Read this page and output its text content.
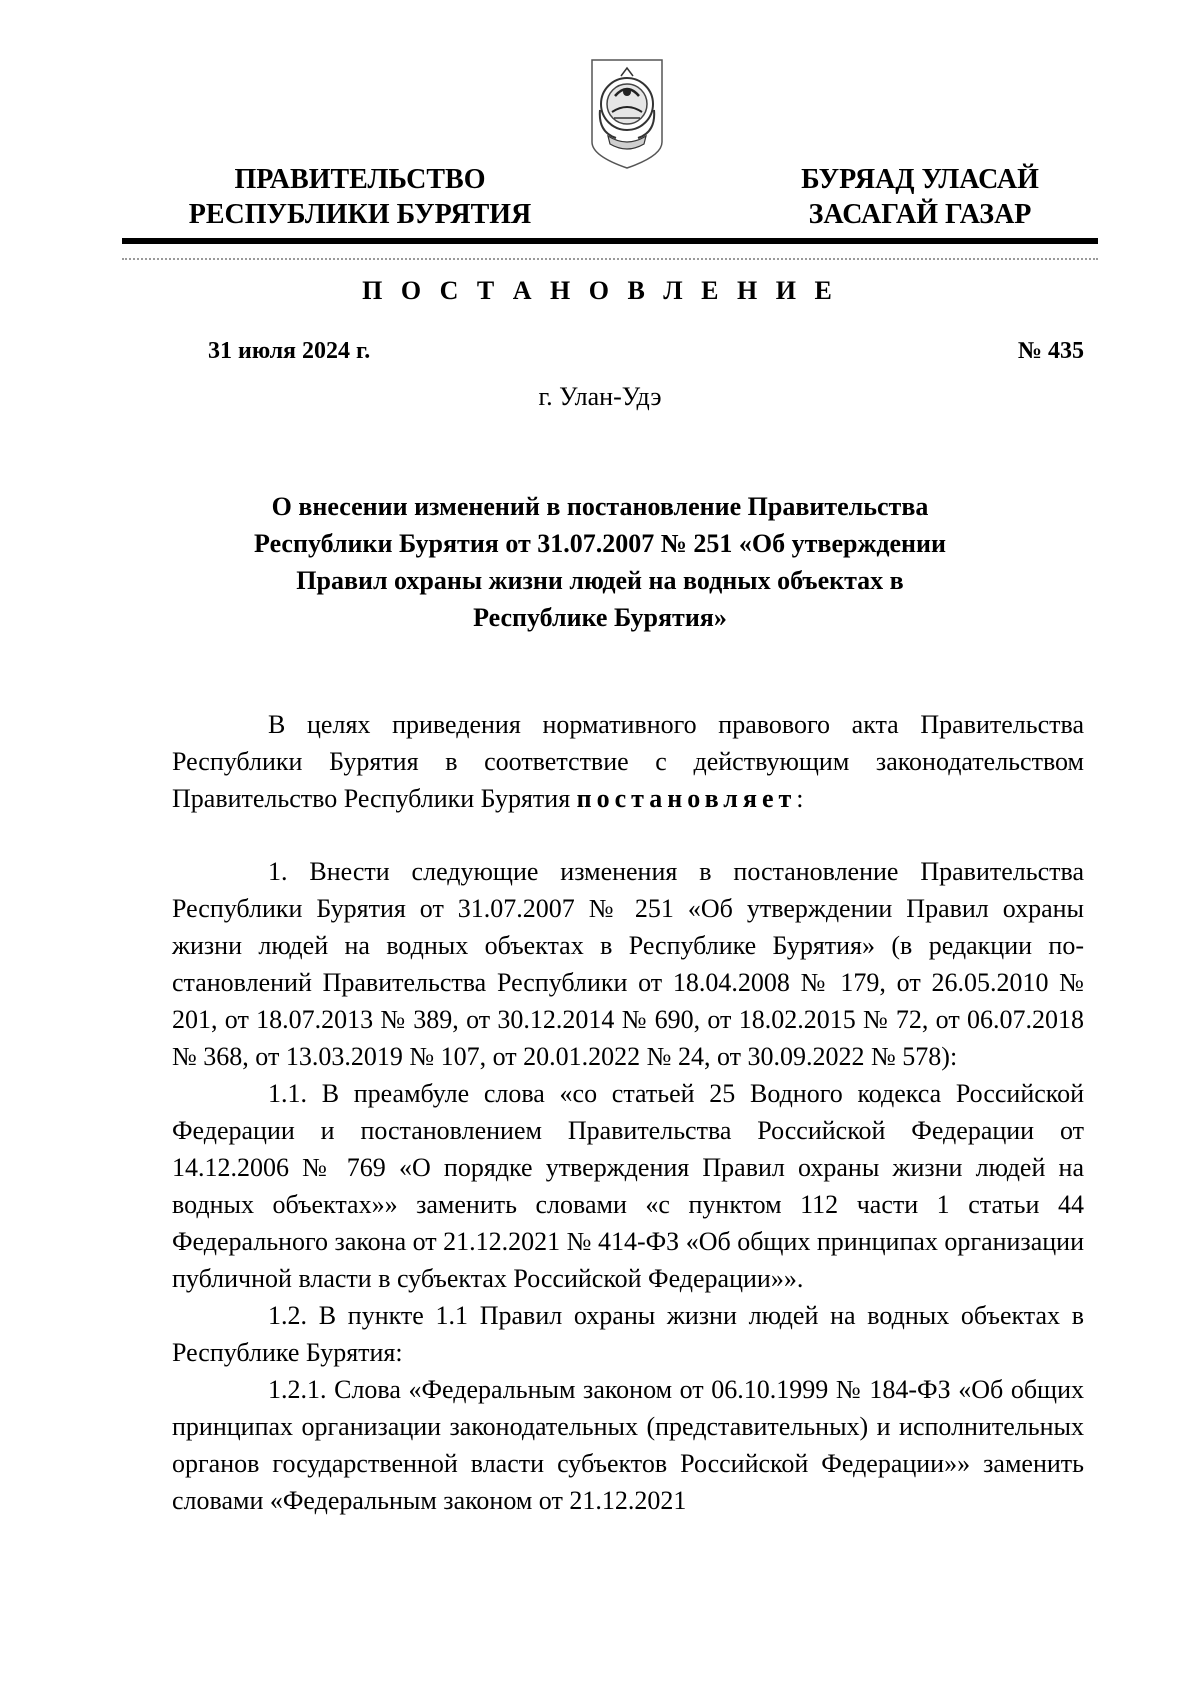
ПРАВИТЕЛЬСТВО
РЕСПУБЛИКИ БУРЯТИЯ
БУРЯАД УЛАСАЙ
ЗАСАГАЙ ГАЗАР
П О С Т А Н О В Л Е Н И Е
31 июля 2024 г.	№ 435
г. Улан-Удэ
О внесении изменений в постановление Правительства
Республики Бурятия от 31.07.2007 № 251 «Об утверждении
Правил охраны жизни людей на водных объектах в
Республике Бурятия»

В целях приведения нормативного правового акта Правительства Республики Бурятия в соответствие с действующим законодательством Правительство Республики Бурятия постановляет:

1. Внести следующие изменения в постановление Правительства Республики Бурятия от 31.07.2007 № 251 «Об утверждении Правил охраны жизни людей на водных объектах в Республике Бурятия» (в редакции постановлений Правительства Республики от 18.04.2008 № 179, от 26.05.2010 № 201, от 18.07.2013 № 389, от 30.12.2014 № 690, от 18.02.2015 № 72, от 06.07.2018 № 368, от 13.03.2019 № 107, от 20.01.2022 № 24, от 30.09.2022 № 578):

1.1. В преамбуле слова «со статьей 25 Водного кодекса Российской Федерации и постановлением Правительства Российской Федерации от 14.12.2006 № 769 «О порядке утверждения Правил охраны жизни людей на водных объектах»» заменить словами «с пунктом 112 части 1 статьи 44 Федерального закона от 21.12.2021 № 414-ФЗ «Об общих принципах организации публичной власти в субъектах Российской Федерации»».

1.2. В пункте 1.1 Правил охраны жизни людей на водных объектах в Республике Бурятия:

1.2.1. Слова «Федеральным законом от 06.10.1999 № 184-ФЗ «Об общих принципах организации законодательных (представительных) и исполнительных органов государственной власти субъектов Российской Федерации»» заменить словами «Федеральным законом от 21.12.2021
